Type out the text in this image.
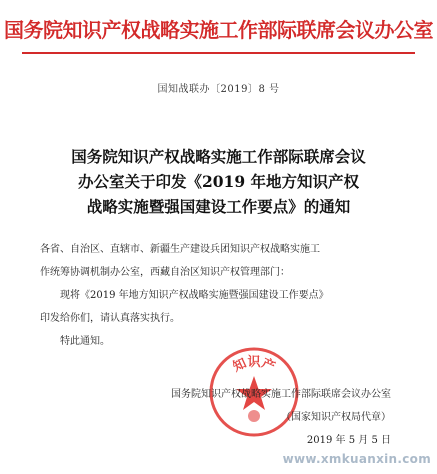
国务院知识产权战略实施工作部际联席会议办公室
国知战联办〔2019〕8 号
国务院知识产权战略实施工作部际联席会议
办公室关于印发《2019 年地方知识产权
战略实施暨强国建设工作要点》的通知

各省、自治区、直辖市、新疆生产建设兵团知识产权战略实施工

作统筹协调机制办公室，西藏自治区知识产权管理部门：

现将《2019 年地方知识产权战略实施暨强国建设工作要点》

印发给你们，请认真落实执行。

特此通知。

知识产
国务院知识产权战略实施工作部际联席会议办公室
（国家知识产权局代章）
2019 年 5 月 5 日
www.xmkuanxin.com
